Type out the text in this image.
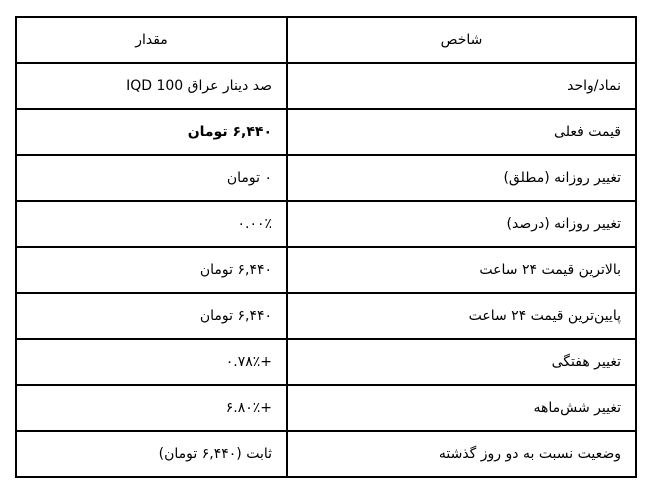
شاخص	مقدار
نماد/واحد	صد دینار عراق IQD 100
قیمت فعلی	۶,۴۴۰ تومان
تغییر روزانه (مطلق)	۰ تومان
تغییر روزانه (درصد)	۰.۰۰٪
بالاترین قیمت ۲۴ ساعت	۶,۴۴۰ تومان
پایین‌ترین قیمت ۲۴ ساعت	۶,۴۴۰ تومان
تغییر هفتگی	+۰.۷۸٪
تغییر شش‌ماهه	+۶.۸۰٪
وضعیت نسبت به دو روز گذشته	ثابت (۶,۴۴۰ تومان)
